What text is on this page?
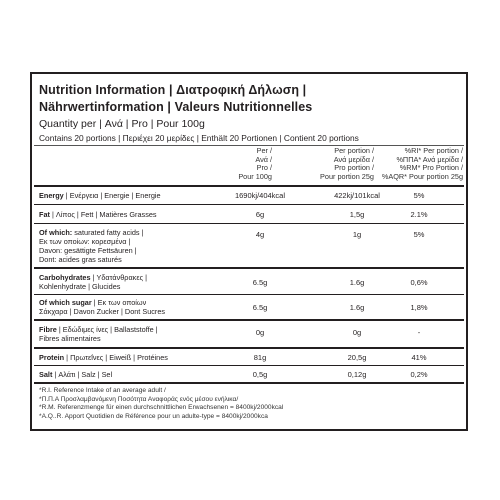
Nutrition Information | Διατροφική Δήλωση |
Nährwertinformation | Valeurs Nutritionnelles
Quantity per | Ανά | Pro | Pour 100g
Contains 20 portions | Περιέχει 20 μερίδες | Enthält 20 Portionen | Contient 20 portions
Per /
Ανά /
Pro /
Pour 100g
Per portion /
Ανά μερίδα /
Pro portion /
Pour portion 25g
%RI* Per portion /
%ΠΠΑ* Ανά μερίδα /
%RM* Pro Portion /
%AQR* Pour portion 25g
Energy | Ενέργεια | Energie | Energie	1690kj/404kcal	422kj/101kcal	5%
Fat | Λίπος | Fett | Matières Grasses	6g	1,5g	2.1%
Of which: saturated fatty acids |
Εκ των οποίων: κορεσμένα |
Davon: gesättigte Fettsäuren |
Dont: acides gras saturés
4g	1g	5%
Carbohydrates | Υδατάνθρακες |
Kohlenhydrate | Glucides	6.5g	1.6g	0,6%
Of which sugar | Εκ των οποίων
Σάκχαρα | Davon Zucker | Dont Sucres	6.5g	1.6g	1,8%
Fibre | Εδώδιμες ίνες | Ballaststoffe |
Fibres alimentaires
0g	0g	-
Protein | Πρωτεΐνες | Eiweiß | Protéines	81g	20,5g	41%
Salt | Αλάτι | Salz | Sel	0,5g	0,12g	0,2%
*R.I. Reference Intake of an average adult /
*Π.Π.Α Προσλαμβανόμενη Ποσότητα Αναφοράς ενός μέσου ενήλικα/
*R.M. Referenzmenge für einen durchschnittlichen Erwachsenen = 8400kj/2000kcal
*A.Q..R. Apport Quotidien de Référence pour un adulte-type = 8400kj/2000kca
